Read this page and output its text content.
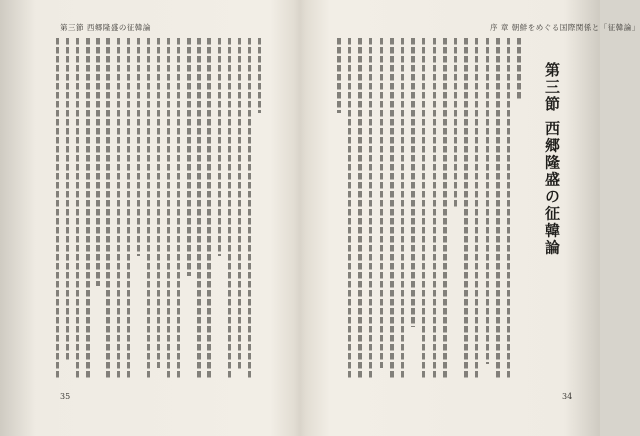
第三節 西郷隆盛の征韓論
35
序 章 朝鮮をめぐる国際関係と「征韓論」
第三節 西郷隆盛の征韓論
34
